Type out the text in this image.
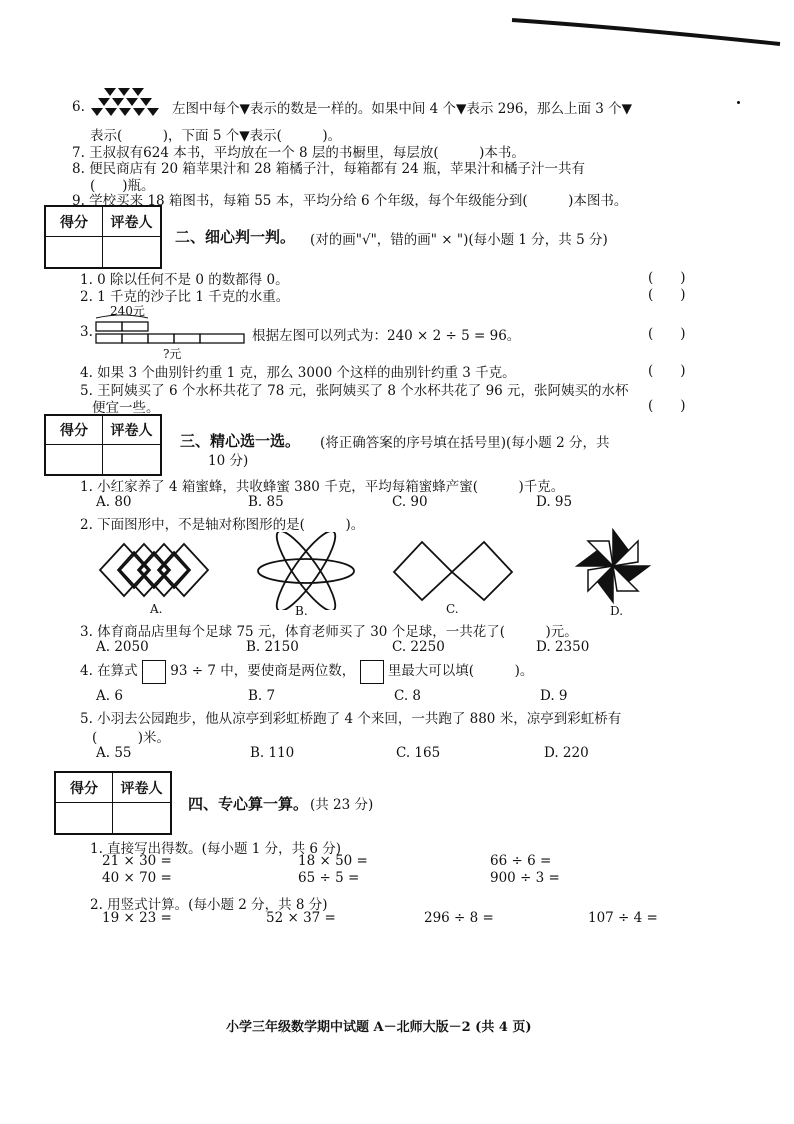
6.	左图中每个▼表示的数是一样的。如果中间 4 个▼表示 296，那么上面 3 个▼
表示(　　　)，下面 5 个▼表示(　　　)。
7. 王叔叔有624 本书，平均放在一个 8 层的书橱里，每层放(　　　)本书。
8. 便民商店有 20 箱苹果汁和 28 箱橘子汁，每箱都有 24 瓶，苹果汁和橘子汁一共有
(　　)瓶。
9. 学校买来 18 箱图书，每箱 55 本，平均分给 6 个年级，每个年级能分到(　　　)本图书。
得分	评卷人
二、细心判一判。 (对的画"√"，错的画" × ")(每小题 1 分，共 5 分)
1. 0 除以任何不是 0 的数都得 0。	(　　)
2. 1 千克的沙子比 1 千克的水重。	(　　)
3.
240元
?元
根据左图可以列式为：240 × 2 ÷ 5 = 96。	(　　)
4. 如果 3 个曲别针约重 1 克，那么 3000 个这样的曲别针约重 3 千克。	(　　)
5. 王阿姨买了 6 个水杯共花了 78 元，张阿姨买了 8 个水杯共花了 96 元，张阿姨买的水杯
便宜一些。	(　　)
得分	评卷人
三、精心选一选。 (将正确答案的序号填在括号里)(每小题 2 分，共
10 分)
1. 小红家养了 4 箱蜜蜂，共收蜂蜜 380 千克，平均每箱蜜蜂产蜜(　　　)千克。
A. 80	B. 85	C. 90	D. 95
2. 下面图形中，不是轴对称图形的是(　　　)。
A.	B.	C.	D.
3. 体育商品店里每个足球 75 元，体育老师买了 30 个足球，一共花了(　　　)元。
A. 2050	B. 2150	C. 2250	D. 2350
4. 在算式 93 ÷ 7 中，要使商是两位数， 里最大可以填(　　　)。
A. 6	B. 7	C. 8	D. 9
5. 小羽去公园跑步，他从凉亭到彩虹桥跑了 4 个来回，一共跑了 880 米，凉亭到彩虹桥有
(　　　)米。
A. 55	B. 110	C. 165	D. 220
得分	评卷人
四、专心算一算。 (共 23 分)
1. 直接写出得数。(每小题 1 分，共 6 分)
21 × 30 =	18 × 50 =	66 ÷ 6 =
40 × 70 =	65 ÷ 5 =	900 ÷ 3 =
2. 用竖式计算。(每小题 2 分，共 8 分)
19 × 23 =	52 × 37 =	296 ÷ 8 =	107 ÷ 4 =
小学三年级数学期中试题 A－北师大版－2 (共 4 页)
